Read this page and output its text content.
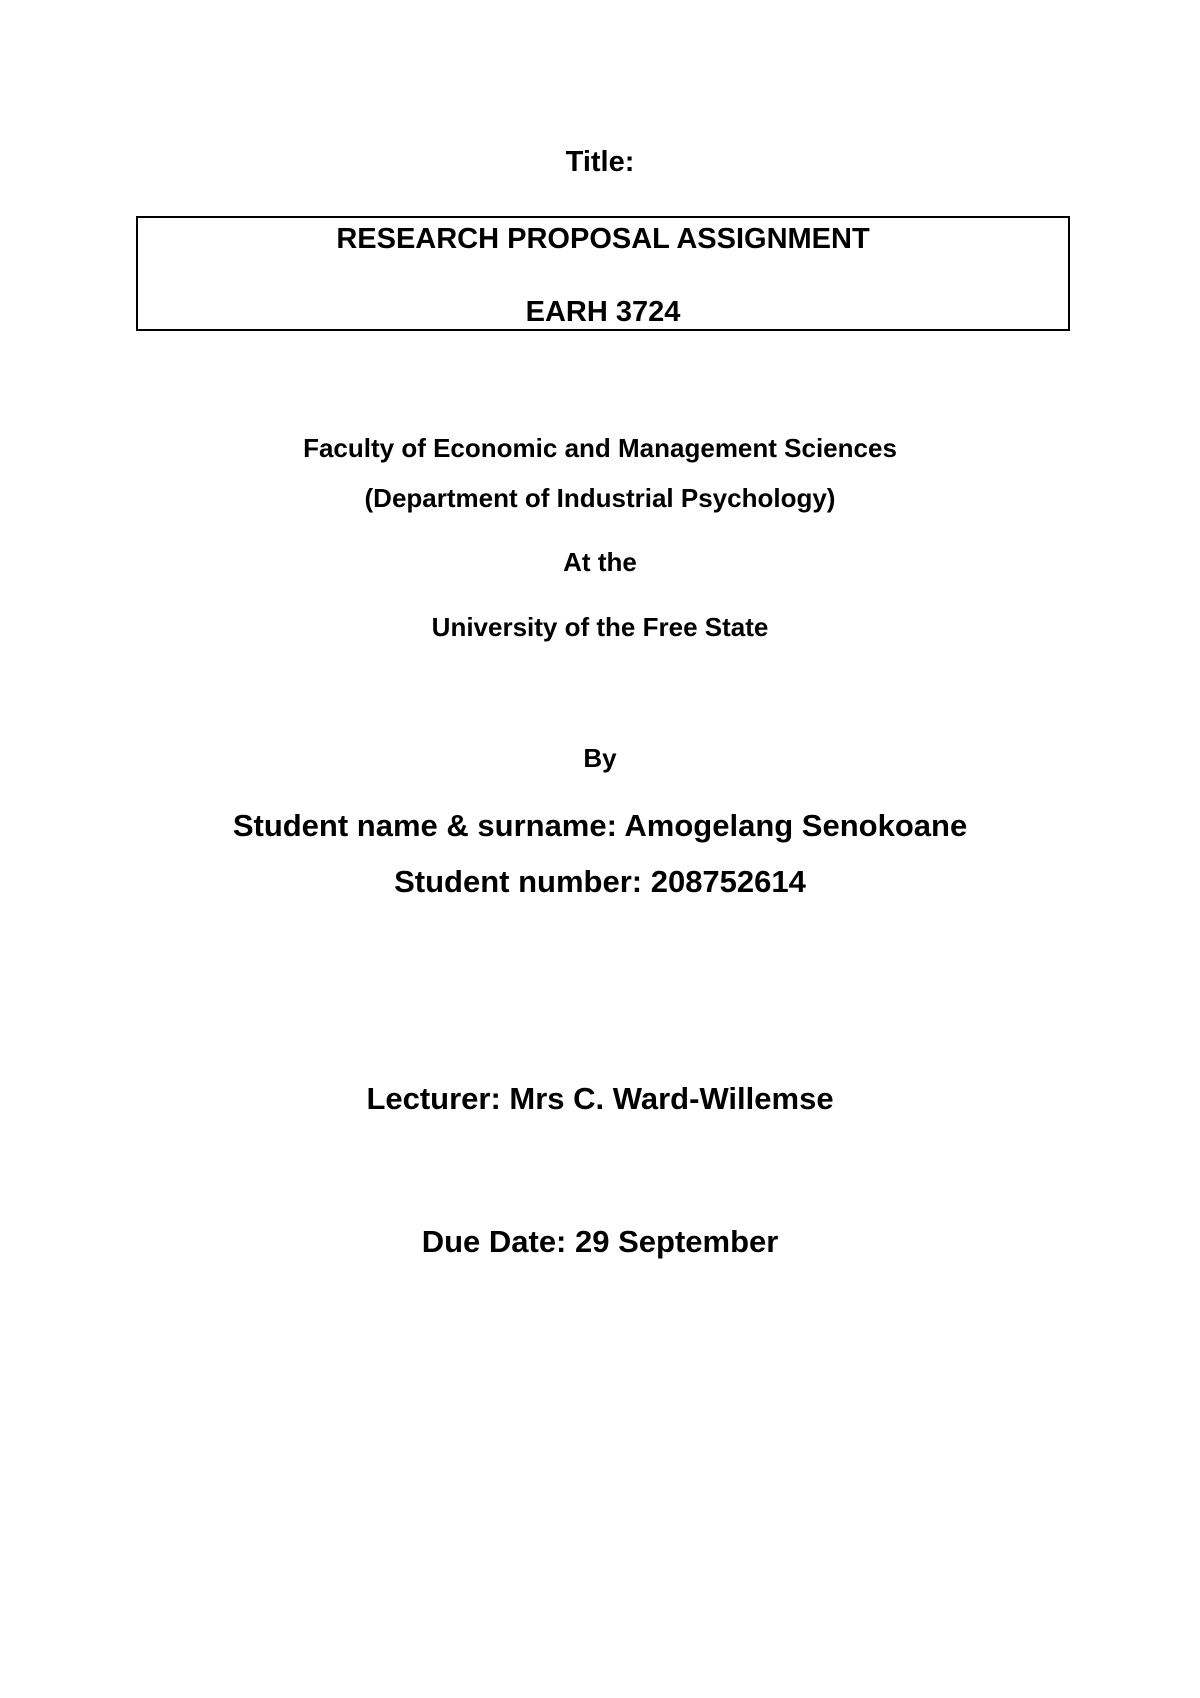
Title:
RESEARCH PROPOSAL ASSIGNMENT
EARH 3724
Faculty of Economic and Management Sciences
(Department of Industrial Psychology)
At the
University of the Free State
By
Student name & surname: Amogelang Senokoane
Student number: 208752614
Lecturer: Mrs C. Ward-Willemse
Due Date: 29 September
